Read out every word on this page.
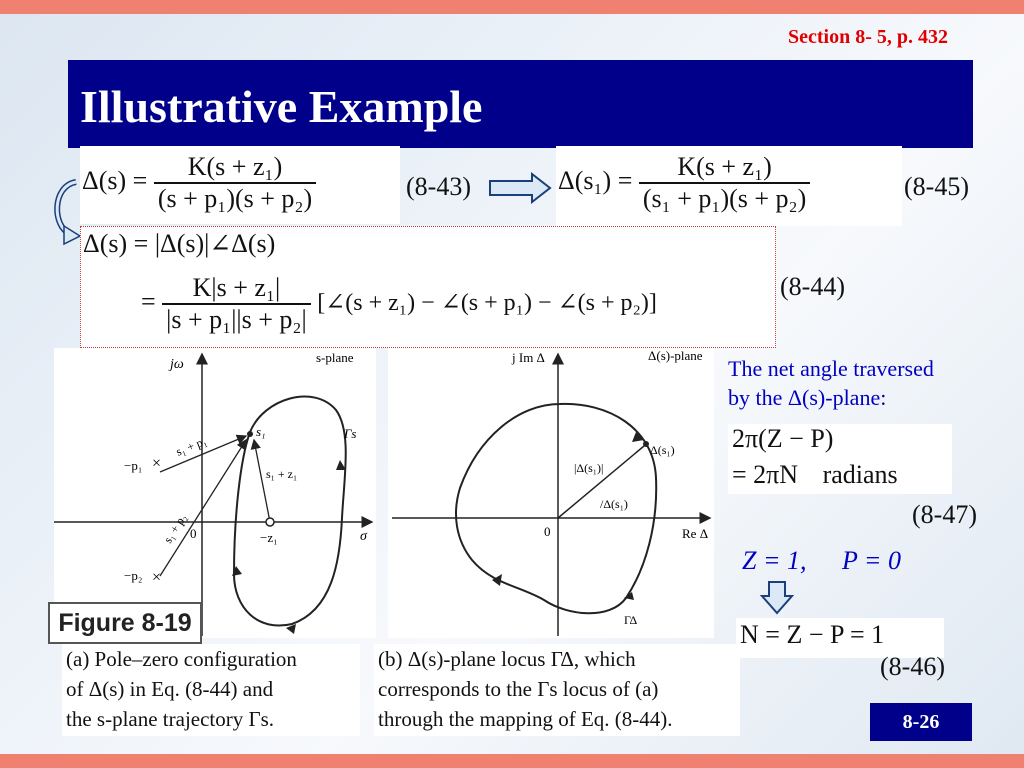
Section 8- 5, p. 432
Illustrative Example
$\Delta(s) = \frac{\text{K(s + z₁)}}{\text{(s + p₁)(s + p₂)}}$	(8-43)	$\Delta(s_1) = \frac{\text{K(s + z₁)}}{\text{(s₁ + p₁)(s + p₂)}}$	(8-45)
Δ(s) = |Δ(s)|∠Δ(s)
= $\frac{\text{K|s + z₁|}}{\text{|s + p₁||s + p₂|}}$ [∠(s + z₁) − ∠(s + p₁) − ∠(s + p₂)]
(8-44)
jω	s-plane
σ
0
Γs
s₁
×
×
−p₁
−p₂
−z₁
s₁ + p₁
s₁ + p₂
s₁ + z₁
Figure 8-19
j Im Δ	Δ(s)-plane
Re Δ
0
Δ(s₁)
|Δ(s₁)|
/Δ(s₁)
ΓΔ
(a) Pole–zero configuration
of Δ(s) in Eq. (8-44) and
the s-plane trajectory Γs.
(b) Δ(s)-plane locus ΓΔ, which
corresponds to the Γs locus of (a)
through the mapping of Eq. (8-44).
The net angle traversed
by the Δ(s)-plane:
2π(Z − P)
= 2πN radians
(8-47)
Z = 1, P = 0
N = Z − P = 1
(8-46)
8-26
